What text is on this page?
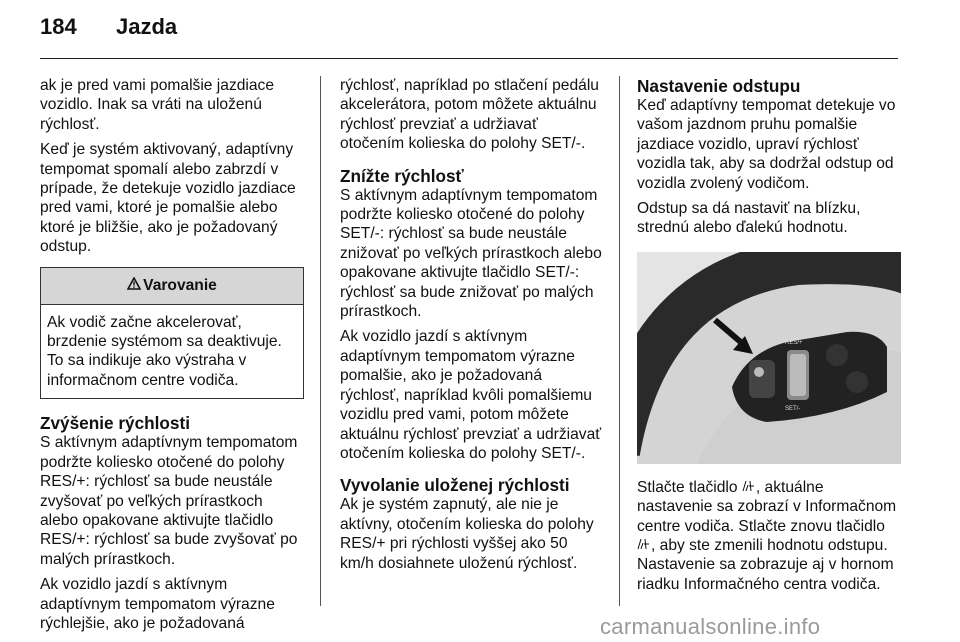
184 Jazda

ak je pred vami pomalšie jazdiace vozidlo. Inak sa vráti na uloženú rýchlosť.

Keď je systém aktivovaný, adaptívny tempomat spomalí alebo zabrzdí v prípade, že detekuje vozidlo jazdiace pred vami, ktoré je pomalšie alebo ktoré je bližšie, ako je požadovaný odstup.

Varovanie
Ak vodič začne akcelerovať, brzdenie systémom sa deaktivuje. To sa indikuje ako výstraha v informačnom centre vodiča.
Zvýšenie rýchlosti

S aktívnym adaptívnym tempomatom podržte koliesko otočené do polohy RES/+: rýchlosť sa bude neustále zvyšovať po veľkých prírastkoch alebo opakovane aktivujte tlačidlo RES/+: rýchlosť sa bude zvyšovať po malých prírastkoch.

Ak vozidlo jazdí s aktívnym adaptívnym tempomatom výrazne rýchlejšie, ako je požadovaná

rýchlosť, napríklad po stlačení pedálu akcelerátora, potom môžete aktuálnu rýchlosť prevziať a udržiavať otočením kolieska do polohy SET/-.

Znížte rýchlosť

S aktívnym adaptívnym tempomatom podržte koliesko otočené do polohy SET/-: rýchlosť sa bude neustále znižovať po veľkých prírastkoch alebo opakovane aktivujte tlačidlo SET/-: rýchlosť sa bude znižovať po malých prírastkoch.

Ak vozidlo jazdí s aktívnym adaptívnym tempomatom výrazne pomalšie, ako je požadovaná rýchlosť, napríklad kvôli pomalšiemu vozidlu pred vami, potom môžete aktuálnu rýchlosť prevziať a udržiavať otočením kolieska do polohy SET/-.

Vyvolanie uloženej rýchlosti

Ak je systém zapnutý, ale nie je aktívny, otočením kolieska do polohy RES/+ pri rýchlosti vyššej ako 50 km/h dosiahnete uloženú rýchlosť.

Nastavenie odstupu

Keď adaptívny tempomat detekuje vo vašom jazdnom pruhu pomalšie jazdiace vozidlo, upraví rýchlosť vozidla tak, aby sa dodržal odstup od vozidla zvolený vodičom.

Odstup sa dá nastaviť na blízku, strednú alebo ďalekú hodnotu.

RES/+
SET/-

Stlačte tlačidlo , aktuálne nastavenie sa zobrazí v Informačnom centre vodiča. Stlačte znovu tlačidlo , aby ste zmenili hodnotu odstupu. Nastavenie sa zobrazuje aj v hornom riadku Informačného centra vodiča.

carmanualsonline.info
